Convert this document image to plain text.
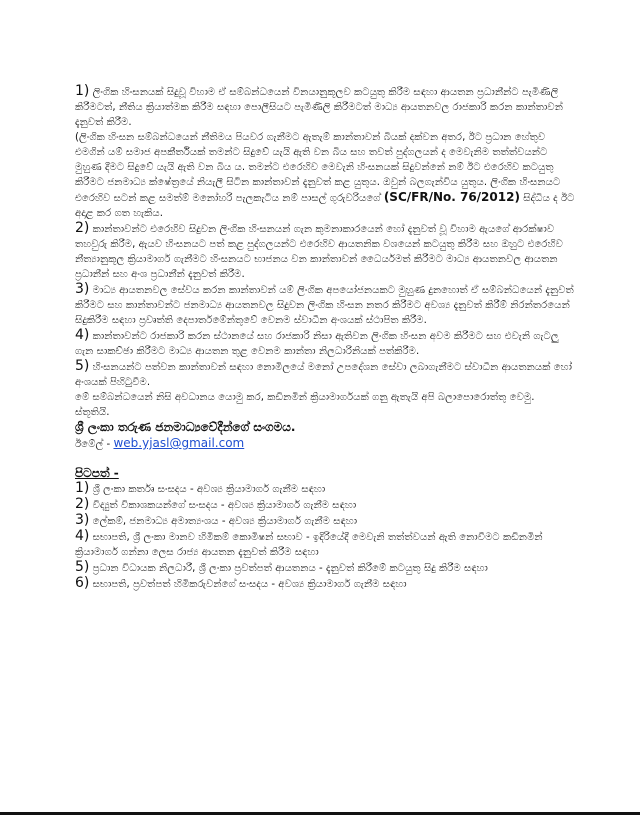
1) ලිංගික හිංසනයක් සිදුවූ විහාම ඒ සම්බන්ධයෙන් විනයානුකූලව කටයුතු කිරීම සඳහා ආයතන ප්‍රධානීන්ට පැමිණිලි කිරීමටත්, නීතිය ක්‍රියාත්මක කිරීම සඳහා පොලීසියට පැමිණිලි කිරීමටත් මාධ්‍ය ආයතනවල රාජකාරි කරන කාන්තාවන් දැනුවත් කිරීම.
(ලිංගික හිංසන සම්බන්ධයෙන් නීතිමය පියවර ගැනීමට ඇතැම් කාන්තාවන් බියක් දක්වන අතර, ඊට ප්‍රධාන හේතුව එමගින් යම් සමාජ අපකීර්තියක් තමන්ට සිදුවේ යැයි ඇති වන බිය සහ තවත් පුද්ගලයන් ද මෙවැනිම තත්ත්වයන්ට මුහුණ දීමට සිදුවේ යැයි ඇති වන බිය ය. තමන්ට එරෙහිව මෙවැනි හිංසනයක් සිදුවන්නේ නම් ඊට එරෙහිව කටයුතු කිරීමට ජනමාධ්‍ය ක්ෂේත්‍රයේ නියැලී සිටින කාන්තාවන් දැනුවත් කළ යුතුය. ඔවුන් බලගැන්විය යුතුය. ලිංගික හිංසනයට එරෙහිව සටන් කළ සමත්ම් මනෝහරි පැලකැටිය නම් පාසල් ගුරුවරියගේ (SC/FR/No. 76/2012) සිද්ධිය ද ඊට අදාළ කර ගත හැකිය.

2) කාන්තාවන්ට එරෙහිව සිදුවන ලිංගික හිංසනයන් ගැන කුමනාකාරයෙන් හෝ දැනුවත් වූ විහාම ඇයගේ ආරක්ෂාව තහවුරු කිරීම, ඇයව හිංසනයට පත් කළ පුද්ගලයන්ට එරෙහිව ආයතනික වශයෙන් කටයුතු කිරීම සහ ඔහුට එරෙහිව නීත්‍යානුකූල ක්‍රියාමාර්ග ගැනීමට හිංසනයට භාජනය වන කාන්තාවන් ධෛර්යමත් කිරීමට මාධ්‍ය ආයතනවල ආයතන ප්‍රධානීන් සහ අංශ ප්‍රධානීන් දැනුවත් කිරීම.

3) මාධ්‍ය ආයතනවල සේවය කරන කාන්තාවන් යම් ලිංගික අපයෝජනයකට මුහුණ දුනහොත් ඒ සම්බන්ධයෙන් දැනුවත් කිරීමට සහ කාන්තාවන්ට ජනමාධ්‍ය ආයතනවල සිදුවන ලිංගික හිංසන නතර කිරීමට අවශ්‍ය දැනුවත් කිරීම් නිරන්තරයෙන් සිදුකිරීම සඳහා ප්‍රවෘත්ති දෙපාර්තමේන්තුවේ වෙනම ස්වාධීන අංශයක් ස්ථාපිත කිරීම.

4) කාන්තාවන්ට රාජකාරි කරන ස්ථානයේ සහ රාජකාරි නිසා ඇතිවන ලිංගික හිංසන අවම කිරීමට සහ එවැනි ගැටලු ගැන සාකච්ඡා කිරීමට මාධ්‍ය ආයතන තුළ වෙනම කාන්තා නිලධාරිනියක් පත්කිරීම.

5) හිංසනයන්ට පත්වන කාන්තාවන් සඳහා නොමිලයේ මනෝ උපදේශන සේවා ලබාගැනීමට ස්වාධීන ආයතනයක් හෝ අංශයක් පිහිටුවීම.

මේ සම්බන්ධයෙන් නිසි අවධානය යොමු කර, කඩිනමින් ක්‍රියාමාර්ගයක් ගනු ඇතැයි අපි බලාපොරොත්තු වෙමු.

ස්තූතියි.

ශ්‍රී ලංකා තරුණ ජනමාධ්‍යවේදීන්ගේ සංගමය.
ඊමේල් - web.yjasl@gmail.com

පිටපත් -

1) ශ්‍රී ලංකා කර්තෘ සංසදය - අවශ්‍ය ක්‍රියාමාර්ග ගැනීම සඳහා
2) විද්‍යුත් විකාශකයන්ගේ සංසදය - අවශ්‍ය ක්‍රියාමාර්ග ගැනීම සඳහා
3) ලේකම්, ජනමාධ්‍ය අමාත්‍යංශය - අවශ්‍ය ක්‍රියාමාර්ග ගැනීම සඳහා
4) සභාපති, ශ්‍රී ලංකා මානව හිමිකම් කොමිෂන් සභාව - ඉදිරියේදී මෙවැනි තත්ත්වයන් ඇති නොවීමට කඩිනමින් ක්‍රියාමාර්ග ගන්නා ලෙස රාජ්‍ය ආයතන දැනුවත් කිරීම සඳහා
5) ප්‍රධාන විධායක නිලධාරී, ශ්‍රී ලංකා ප්‍රවත්පත් ආයතනය - දැනුවත් කිරීමේ කටයුතු සිදු කිරීම සඳහා
6) සභාපති, ප්‍රවත්පත් හිමිකරුවන්ගේ සංසදය - අවශ්‍ය ක්‍රියාමාර්ග ගැනීම සඳහා
